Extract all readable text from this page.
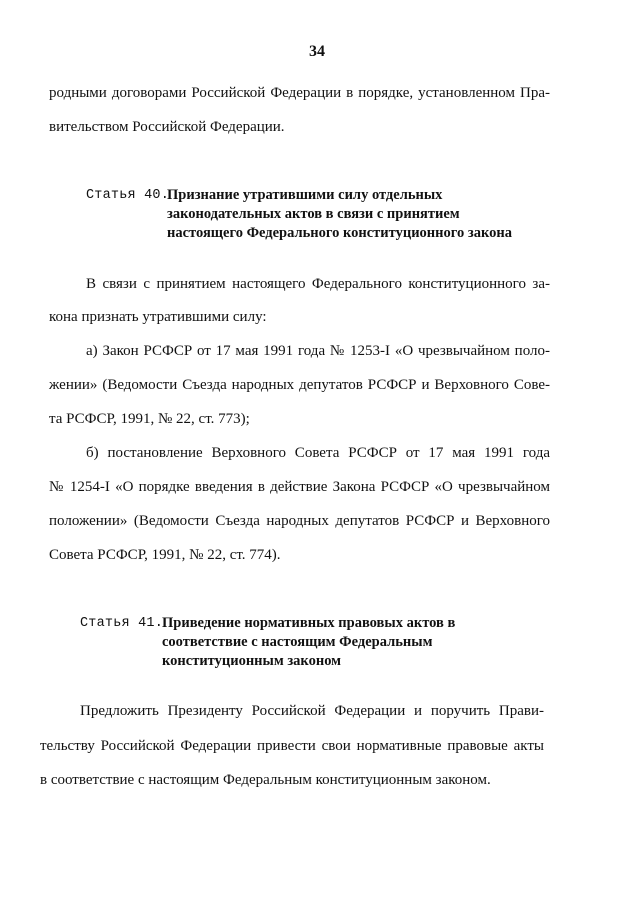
34
родными договорами Российской Федерации в порядке, установленном Пра-
вительством Российской Федерации.
Статья 40.
Признание утратившими силу отдельных
законодательных актов в связи с принятием
настоящего Федерального конституционного закона
В связи с принятием настоящего Федерального конституционного за-
кона признать утратившими силу:
а) Закон РСФСР от 17 мая 1991 года № 1253-I «О чрезвычайном поло-
жении» (Ведомости Съезда народных депутатов РСФСР и Верховного Сове-
та РСФСР, 1991, № 22, ст. 773);
б) постановление Верховного Совета РСФСР от 17 мая 1991 года
№ 1254-I «О порядке введения в действие Закона РСФСР «О чрезвычайном
положении» (Ведомости Съезда народных депутатов РСФСР и Верховного
Совета РСФСР, 1991, № 22, ст. 774).
Статья 41.
Приведение нормативных правовых актов в
соответствие с настоящим Федеральным
конституционным законом
Предложить Президенту Российской Федерации и поручить Прави-
тельству Российской Федерации привести свои нормативные правовые акты
в соответствие с настоящим Федеральным конституционным законом.
